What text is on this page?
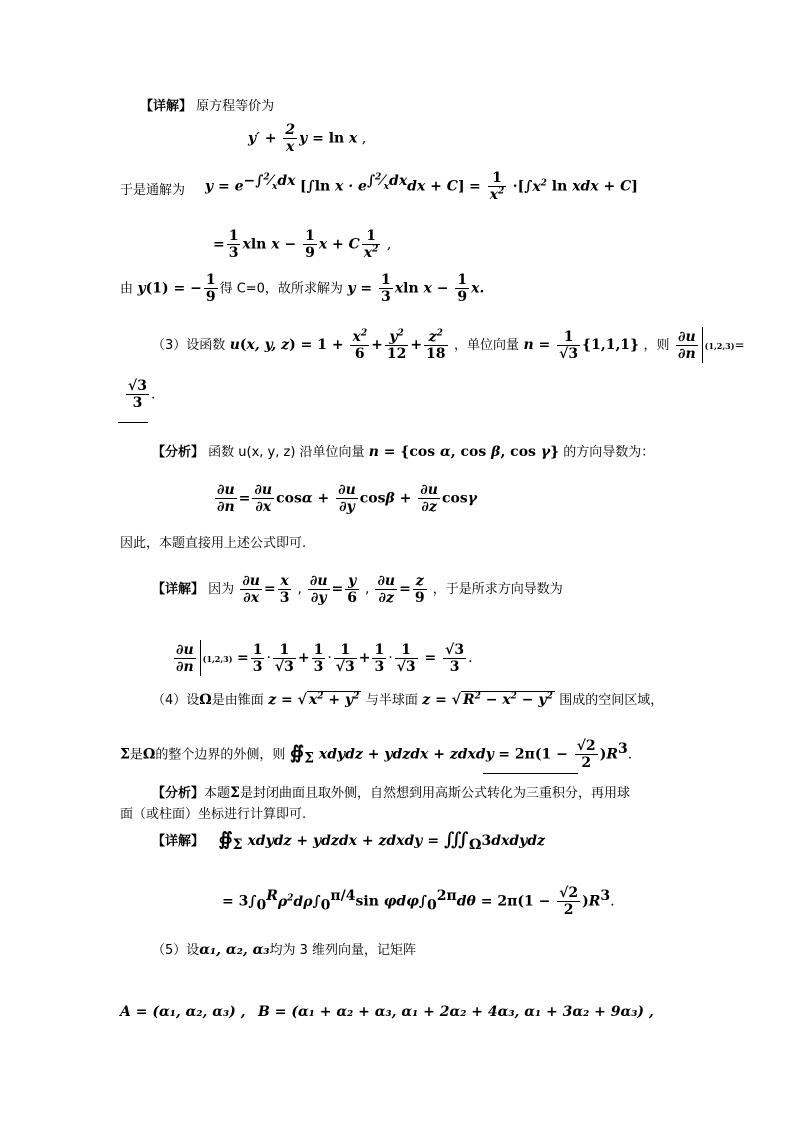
【详解】 原方程等价为
$y' + \frac{2}{x}$ y = ln x ,
于是通解为 $y = e^{-\int^2⁄_xdx}$ [∫ln $x \cdot e^{\int^2⁄_xdx}dx + C] = \frac{1}{x^2} \cdot[\int x^2$ ln xdx + C]
= $\frac{1}{3}$ xln $x - \frac{1}{9}$ x + C $\frac{1}{x^2}$ ,
由 y(1) = − $\frac{1}{9}$ 得 C=0，故所求解为 $y = \frac{1}{3}$ xln $x - \frac{1}{9} x$.
（3）设函数 u(x, y, $z) = 1 + \frac{x^2}{6} + \frac{y^2}{12} + \frac{z^2}{18}$ ，单位向量 $n = \frac{1}{√3} \{1,1,1\}$ ，则 $\frac{\partial u}{\partial n} (1,2,3)=$
$\frac{√3}{3}$ .
【分析】 函数 u(x, y, z) 沿单位向量 n = {cos α, cos β, cos γ} 的方向导数为：
$\frac{\partial u}{\partial n} = \frac{\partial u}{\partial x}$ $\cos\alpha + \frac{\partial u}{\partial y}$ $\cos\beta + \frac{\partial u}{\partial z}$ cosγ
因此，本题直接用上述公式即可.
【详解】 因为 $\frac{\partial u}{\partial x} = \frac{x}{3}$ , $\frac{\partial u}{\partial y} = \frac{y}{6}$ , $\frac{\partial u}{\partial z} = \frac{z}{9}$ ，于是所求方向导数为
$\frac{\partial u}{\partial n} (1,2,3) = \frac{1}{3} \cdot \frac{1}{√3} + \frac{1}{3} \cdot \frac{1}{√3} + \frac{1}{3} \cdot \frac{1}{√3} = \frac{√3}{3}$ .
（4）设Ω是由锥面 z = √ $x^2 + y^2$ 与半球面 z = √ $R^2 - x^2 - y^2$ 围成的空间区域，
Σ是Ω的整个边界的外侧，则 $∯_\Sigma$ xdydz + ydzdx + zdxdy = $2\pi(1 - \frac{√2}{2} )R^3$.
【分析】本题Σ是封闭曲面且取外侧，自然想到用高斯公式转化为三重积分，再用球
面（或柱面）坐标进行计算即可.
【详解】 $∯_\Sigma$ xdydz + ydzdx + zdxdy = $∭_\Omega 3dxdydz$
= $3\int_0^R\rho^2d\rho\int_0^{\pi/4}\sin$ $\varphi d\varphi\int_0^{2\pi}d\theta = 2\pi(1 - \frac{√2}{2} )R^3$.
（5）设α₁, α₂, α₃均为 3 维列向量，记矩阵
A = (α₁, α₂, α₃) , B = (α₁ + α₂ + α₃, α₁ + 2α₂ + 4α₃, α₁ + 3α₂ + 9α₃) ,
